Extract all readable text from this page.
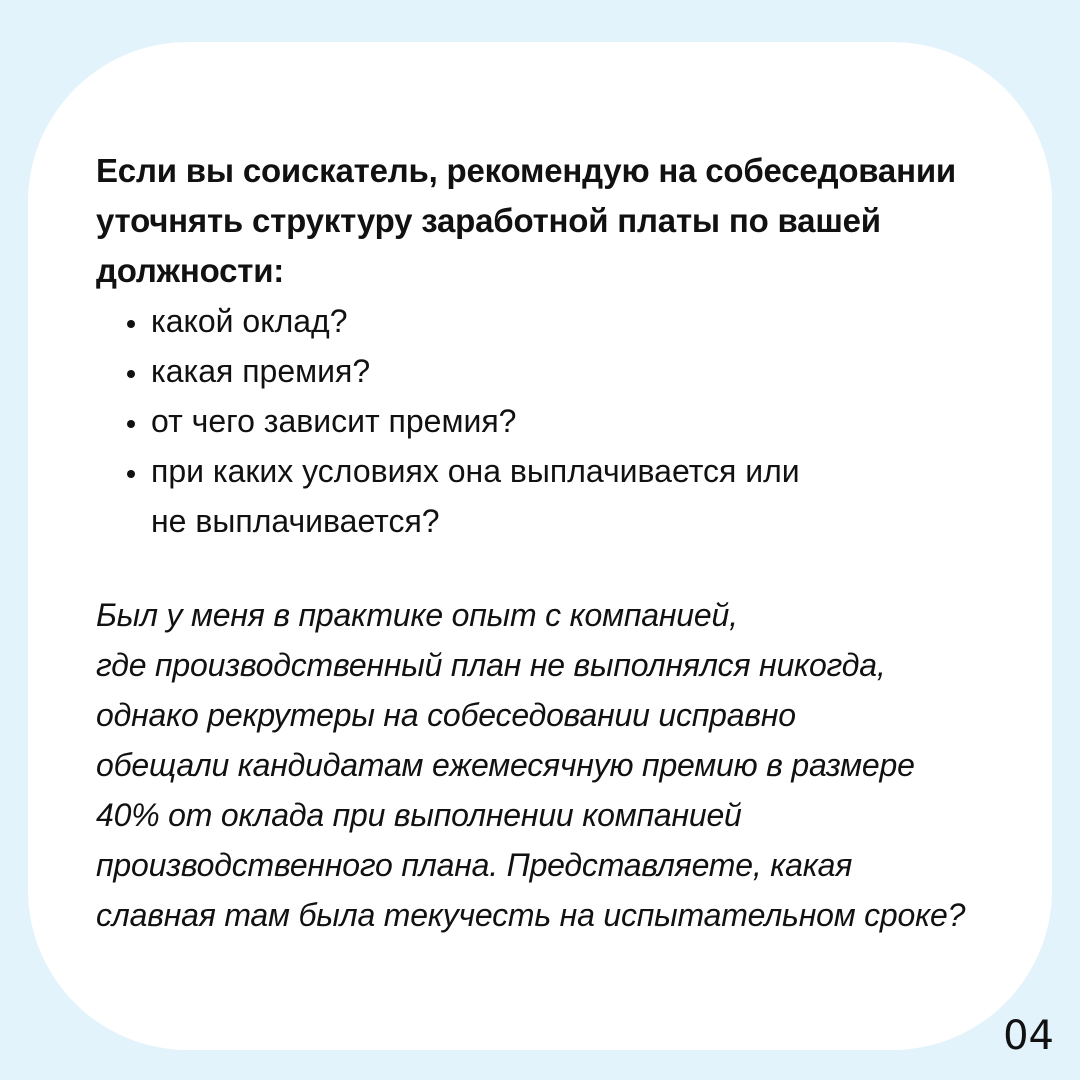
Если вы соискатель, рекомендую на собеседовании
уточнять структуру заработной платы по вашей
должности:

какой оклад?
какая премия?
от чего зависит премия?
при каких условиях она выплачивается или
не выплачивается?

Был у меня в практике опыт с компанией,
где производственный план не выполнялся никогда,
однако рекрутеры на собеседовании исправно
обещали кандидатам ежемесячную премию в размере
40% от оклада при выполнении компанией
производственного плана. Представляете, какая
славная там была текучесть на испытательном сроке?

04
